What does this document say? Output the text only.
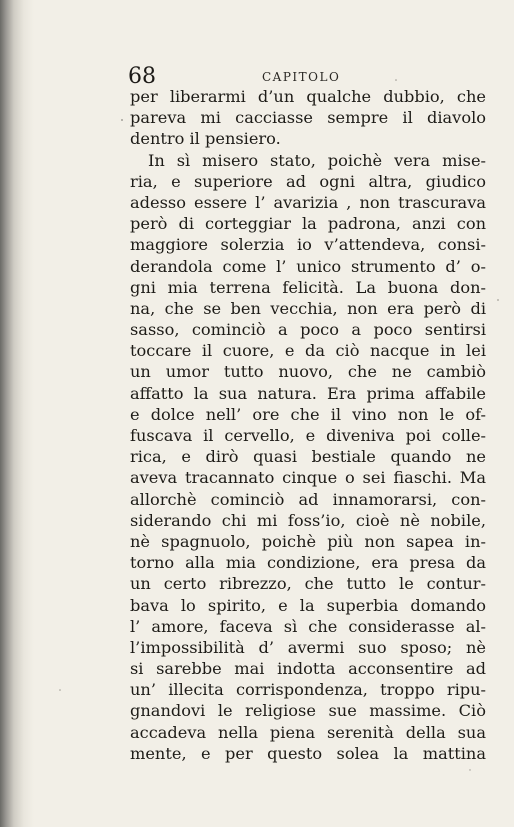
68	CAPITOLO
per liberarmi d’un qualche dubbio, che
pareva mi cacciasse sempre il diavolo
dentro il pensiero.
In sì misero stato, poichè vera mise-
ria, e superiore ad ogni altra, giudico
adesso essere l’ avarizia , non trascurava
però di corteggiar la padrona, anzi con
maggiore solerzia io v’attendeva, consi-
derandola come l’ unico strumento d’ o-
gni mia terrena felicità. La buona don-
na, che se ben vecchia, non era però di
sasso, cominciò a poco a poco sentirsi
toccare il cuore, e da ciò nacque in lei
un umor tutto nuovo, che ne cambiò
affatto la sua natura. Era prima affabile
e dolce nell’ ore che il vino non le of-
fuscava il cervello, e diveniva poi colle-
rica, e dirò quasi bestiale quando ne
aveva tracannato cinque o sei fiaschi. Ma
allorchè cominciò ad innamorarsi, con-
siderando chi mi foss’io, cioè nè nobile,
nè spagnuolo, poichè più non sapea in-
torno alla mia condizione, era presa da
un certo ribrezzo, che tutto le contur-
bava lo spirito, e la superbia domando
l’ amore, faceva sì che considerasse al-
l’impossibilità d’ avermi suo sposo; nè
si sarebbe mai indotta acconsentire ad
un’ illecita corrispondenza, troppo ripu-
gnandovi le religiose sue massime. Ciò
accadeva nella piena serenità della sua
mente, e per questo solea la mattina
